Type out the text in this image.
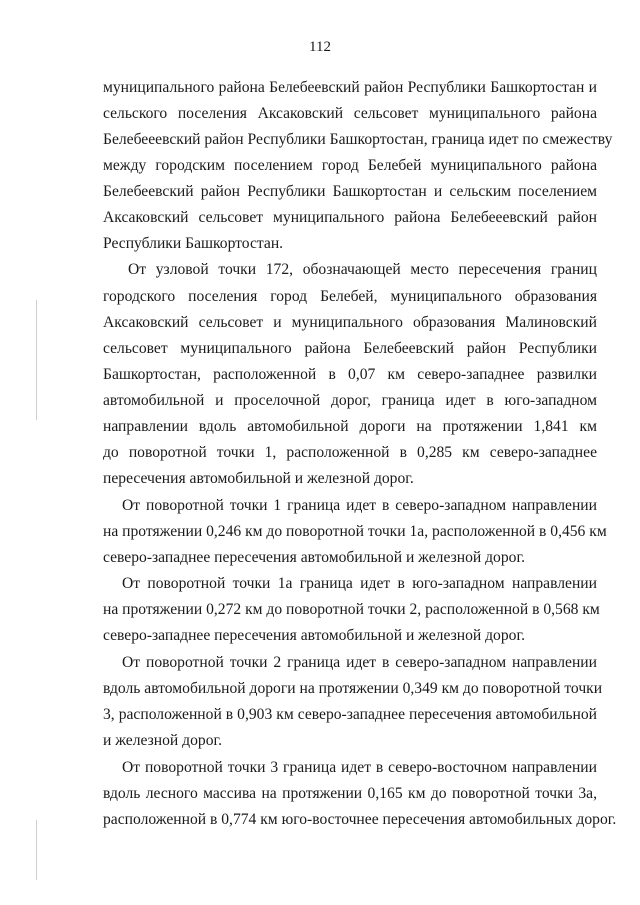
112
муниципального района Белебеевский район Республики Башкортостан и
сельского поселения Аксаковский сельсовет муниципального района
Белебееевский район Республики Башкортостан, граница идет по смежеству
между городским поселением город Белебей муниципального района
Белебеевский район Республики Башкортостан и сельским поселением
Аксаковский сельсовет муниципального района Белебееевский район
Республики Башкортостан.
От узловой точки 172, обозначающей место пересечения границ
городского поселения город Белебей, муниципального образования
Аксаковский сельсовет и муниципального образования Малиновский
сельсовет муниципального района Белебеевский район Республики
Башкортостан, расположенной в 0,07 км северо-западнее развилки
автомобильной и проселочной дорог, граница идет в юго-западном
направлении вдоль автомобильной дороги на протяжении 1,841 км
до поворотной точки 1, расположенной в 0,285 км северо-западнее
пересечения автомобильной и железной дорог.
От поворотной точки 1 граница идет в северо-западном направлении
на протяжении 0,246 км до поворотной точки 1а, расположенной в 0,456 км
северо-западнее пересечения автомобильной и железной дорог.
От поворотной точки 1а граница идет в юго-западном направлении
на протяжении 0,272 км до поворотной точки 2, расположенной в 0,568 км
северо-западнее пересечения автомобильной и железной дорог.
От поворотной точки 2 граница идет в северо-западном направлении
вдоль автомобильной дороги на протяжении 0,349 км до поворотной точки
3, расположенной в 0,903 км северо-западнее пересечения автомобильной
и железной дорог.
От поворотной точки 3 граница идет в северо-восточном направлении
вдоль лесного массива на протяжении 0,165 км до поворотной точки 3а,
расположенной в 0,774 км юго-восточнее пересечения автомобильных дорог.
